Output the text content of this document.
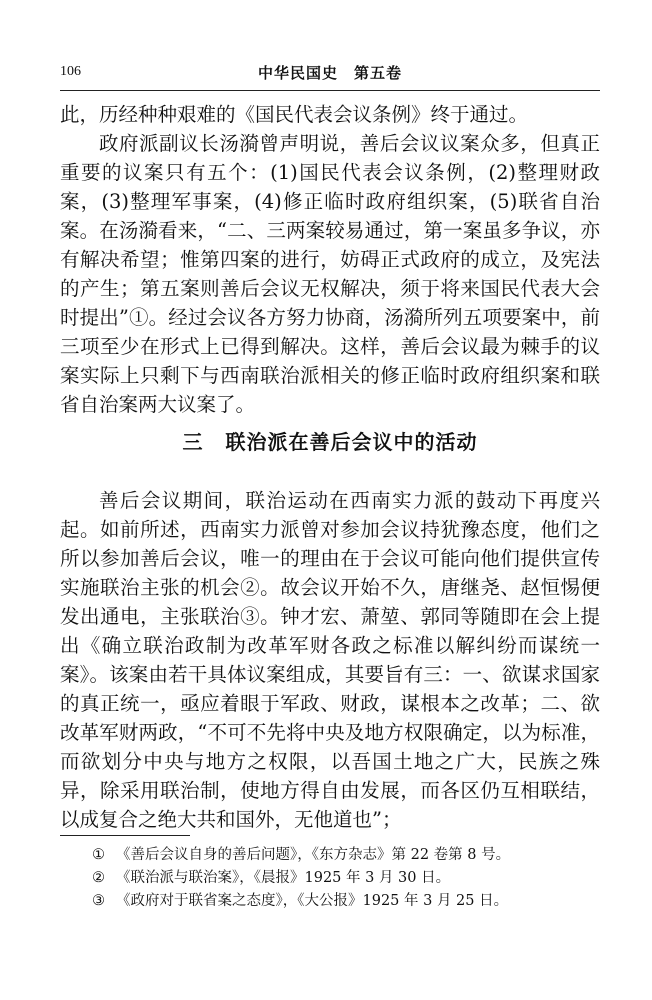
106	中华民国史　第五卷

此，历经种种艰难的《国民代表会议条例》终于通过。

政府派副议长汤漪曾声明说，善后会议议案众多，但真正重要的议案只有五个：(1)国民代表会议条例，(2)整理财政案，(3)整理军事案，(4)修正临时政府组织案，(5)联省自治案。在汤漪看来，“二、三两案较易通过，第一案虽多争议，亦有解决希望；惟第四案的进行，妨碍正式政府的成立，及宪法的产生；第五案则善后会议无权解决，须于将来国民代表大会时提出”①。经过会议各方努力协商，汤漪所列五项要案中，前三项至少在形式上已得到解决。这样，善后会议最为棘手的议案实际上只剩下与西南联治派相关的修正临时政府组织案和联省自治案两大议案了。

三 联治派在善后会议中的活动

善后会议期间，联治运动在西南实力派的鼓动下再度兴起。如前所述，西南实力派曾对参加会议持犹豫态度，他们之所以参加善后会议，唯一的理由在于会议可能向他们提供宣传实施联治主张的机会②。故会议开始不久，唐继尧、赵恒惕便发出通电，主张联治③。钟才宏、萧堃、郭同等随即在会上提出《确立联治政制为改革军财各政之标准以解纠纷而谋统一案》。该案由若干具体议案组成，其要旨有三：一、欲谋求国家的真正统一，亟应着眼于军政、财政，谋根本之改革；二、欲改革军财两政，“不可不先将中央及地方权限确定，以为标准，而欲划分中央与地方之权限，以吾国土地之广大，民族之殊异，除采用联治制，使地方得自由发展，而各区仍互相联结，以成复合之绝大共和国外，无他道也”；

① 《善后会议自身的善后问题》，《东方杂志》第 22 卷第 8 号。
② 《联治派与联治案》，《晨报》1925 年 3 月 30 日。
③ 《政府对于联省案之态度》，《大公报》1925 年 3 月 25 日。
